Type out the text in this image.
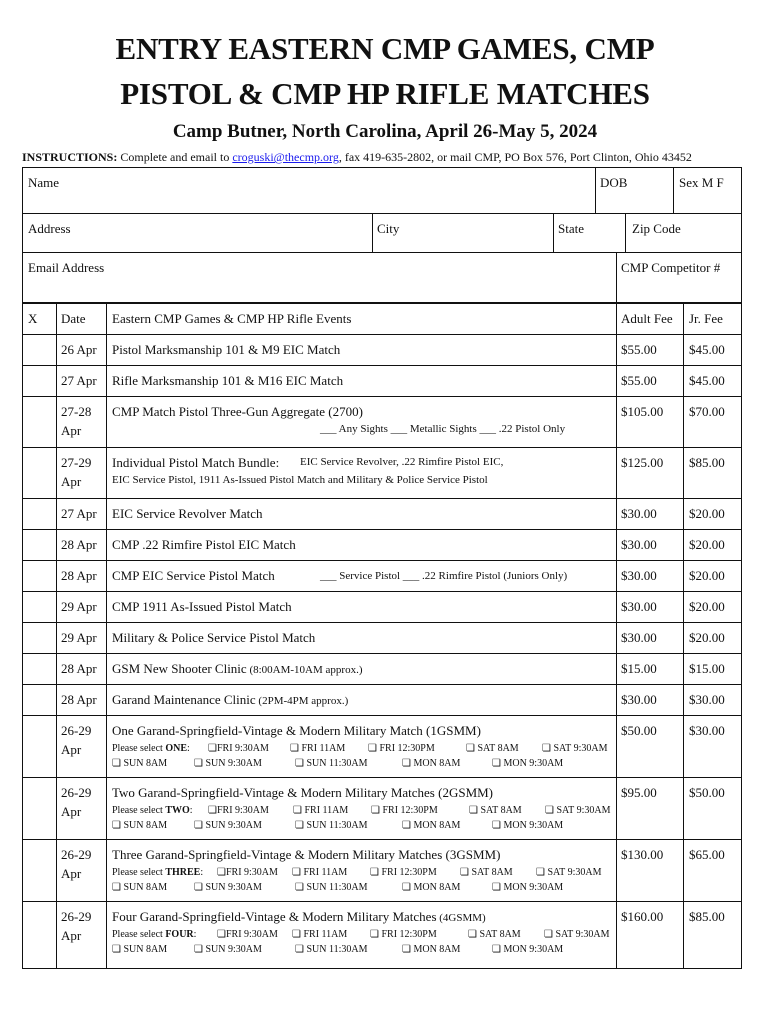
ENTRY EASTERN CMP GAMES, CMP
PISTOL & CMP HP RIFLE MATCHES
Camp Butner, North Carolina, April 26-May 5, 2024
INSTRUCTIONS: Complete and email to croguski@thecmp.org, fax 419-635-2802, or mail CMP, PO Box 576, Port Clinton, Ohio 43452
Name	DOB	Sex M F
Address	City	State	Zip Code
Email Address	CMP Competitor #
X Date Eastern CMP Games & CMP HP Rifle Events	Adult Fee Jr. Fee
26 Apr Pistol Marksmanship 101 & M9 EIC Match	$55.00 $45.00
27 Apr Rifle Marksmanship 101 & M16 EIC Match	$55.00 $45.00
27-28
Apr
CMP Match Pistol Three-Gun Aggregate (2700)
___ Any Sights ___ Metallic Sights ___ .22 Pistol Only
$105.00 $70.00
27-29
Apr
Individual Pistol Match Bundle: EIC Service Revolver, .22 Rimfire Pistol EIC,
EIC Service Pistol, 1911 As-Issued Pistol Match and Military & Police Service Pistol
$125.00 $85.00
27 Apr EIC Service Revolver Match	$30.00 $20.00
28 Apr CMP .22 Rimfire Pistol EIC Match	$30.00 $20.00
28 Apr CMP EIC Service Pistol Match	___ Service Pistol ___ .22 Rimfire Pistol (Juniors Only)	$30.00 $20.00
29 Apr CMP 1911 As-Issued Pistol Match	$30.00 $20.00
29 Apr Military & Police Service Pistol Match	$30.00 $20.00
28 Apr GSM New Shooter Clinic (8:00AM-10AM approx.)	$15.00 $15.00
28 Apr Garand Maintenance Clinic (2PM-4PM approx.)	$30.00 $30.00
26-29
Apr
One Garand-Springfield-Vintage & Modern Military Match (1GSMM)
Please select ONE: ❏FRI 9:30AM ❏ FRI 11AM ❏ FRI 12:30PM	❏ SAT 8AM ❏ SAT 9:30AM
❏ SUN 8AM	❏ SUN 9:30AM	❏ SUN 11:30AM	❏ MON 8AM	❏ MON 9:30AM
$50.00 $30.00
26-29
Apr
Two Garand-Springfield-Vintage & Modern Military Matches (2GSMM)
Please select TWO: ❏FRI 9:30AM ❏ FRI 11AM ❏ FRI 12:30PM	❏ SAT 8AM ❏ SAT 9:30AM
❏ SUN 8AM	❏ SUN 9:30AM	❏ SUN 11:30AM	❏ MON 8AM	❏ MON 9:30AM
$95.00 $50.00
26-29
Apr
Three Garand-Springfield-Vintage & Modern Military Matches (3GSMM)
Please select THREE: ❏FRI 9:30AM ❏ FRI 11AM ❏ FRI 12:30PM ❏ SAT 8AM ❏ SAT 9:30AM
❏ SUN 8AM	❏ SUN 9:30AM	❏ SUN 11:30AM	❏ MON 8AM	❏ MON 9:30AM
$130.00 $65.00
26-29
Apr
Four Garand-Springfield-Vintage & Modern Military Matches (4GSMM)
Please select FOUR: ❏FRI 9:30AM ❏ FRI 11AM ❏ FRI 12:30PM	❏ SAT 8AM ❏ SAT 9:30AM
❏ SUN 8AM	❏ SUN 9:30AM	❏ SUN 11:30AM	❏ MON 8AM	❏ MON 9:30AM
$160.00 $85.00
